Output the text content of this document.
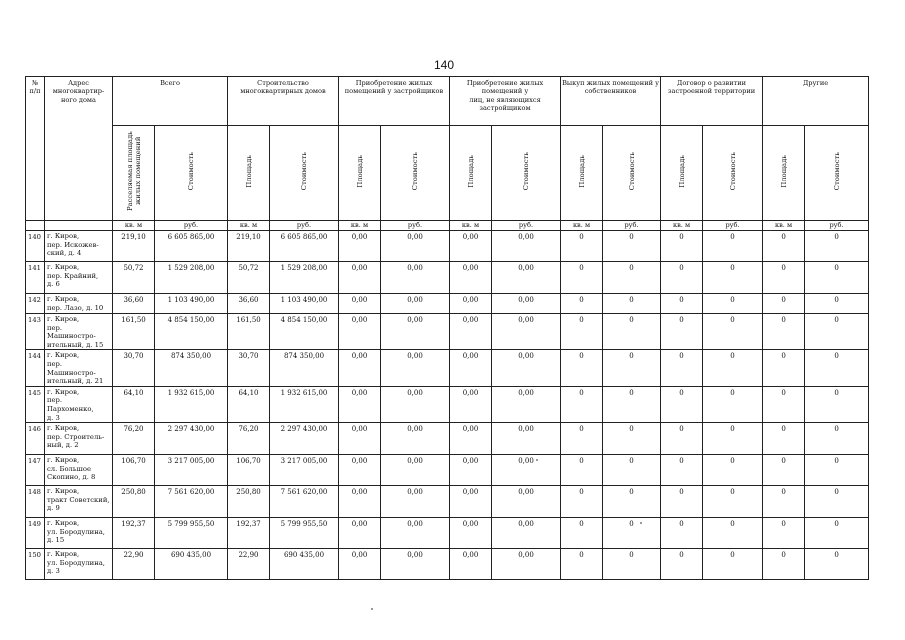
140
№
п/п	Адрес
многоквартир-
ного дома	Всего		Строительство
многоквартирных домов		Приобретение жилых
помещений у застройщиков		Приобретение жилых
помещений у
лиц, не являющихся
застройщиком		Выкуп жилых помещений у
собственников		Договор о развитии
застроенной территории		Другие	

		Расселяемая площадь жилых помещений	Стоимость	Площадь	Стоимость	Площадь	Стоимость	Площадь	Стоимость	Площадь	Стоимость	Площадь	Стоимость	Площадь	Стоимость
		кв. м	руб.	кв. м	руб.	кв. м	руб.	кв. м	руб.	кв. м	руб.	кв. м	руб.	кв. м	руб.
140	г. Киров,
пер. Искожев-
ский, д. 4	219,10	6 605 865,00	219,10	6 605 865,00	0,00	0,00	0,00	0,00	0	0	0	0	0	0
141	г. Киров,
пер. Крайний,
д. 6	50,72	1 529 208,00	50,72	1 529 208,00	0,00	0,00	0,00	0,00	0	0	0	0	0	0
142	г. Киров,
пер. Лазо, д. 10	36,60	1 103 490,00	36,60	1 103 490,00	0,00	0,00	0,00	0,00	0	0	0	0	0	0
143	г. Киров,
пер. Машиностро-
ительный, д. 15	161,50	4 854 150,00	161,50	4 854 150,00	0,00	0,00	0,00	0,00	0	0	0	0	0	0
144	г. Киров,
пер. Машиностро-
ительный, д. 21	30,70	874 350,00	30,70	874 350,00	0,00	0,00	0,00	0,00	0	0	0	0	0	0
145	г. Киров,
пер. Пархоменко,
д. 3	64,10	1 932 615,00	64,10	1 932 615,00	0,00	0,00	0,00	0,00	0	0	0	0	0	0
146	г. Киров,
пер. Строитель-
ный, д. 2	76,20	2 297 430,00	76,20	2 297 430,00	0,00	0,00	0,00	0,00	0	0	0	0	0	0
147	г. Киров,
сл. Большое
Скопино, д. 8	106,70	3 217 005,00	106,70	3 217 005,00	0,00	0,00	0,00	0,00	0	0	0	0	0	0
148	г. Киров,
тракт Советский,
д. 9	250,80	7 561 620,00	250,80	7 561 620,00	0,00	0,00	0,00	0,00	0	0	0	0	0	0
149	г. Киров,
ул. Бородулина,
д. 15	192,37	5 799 955,50	192,37	5 799 955,50	0,00	0,00	0,00	0,00	0	0	0	0	0	0
150	г. Киров,
ул. Бородулина,
д. 3	22,90	690 435,00	22,90	690 435,00	0,00	0,00	0,00	0,00	0	0	0	0	0	0
